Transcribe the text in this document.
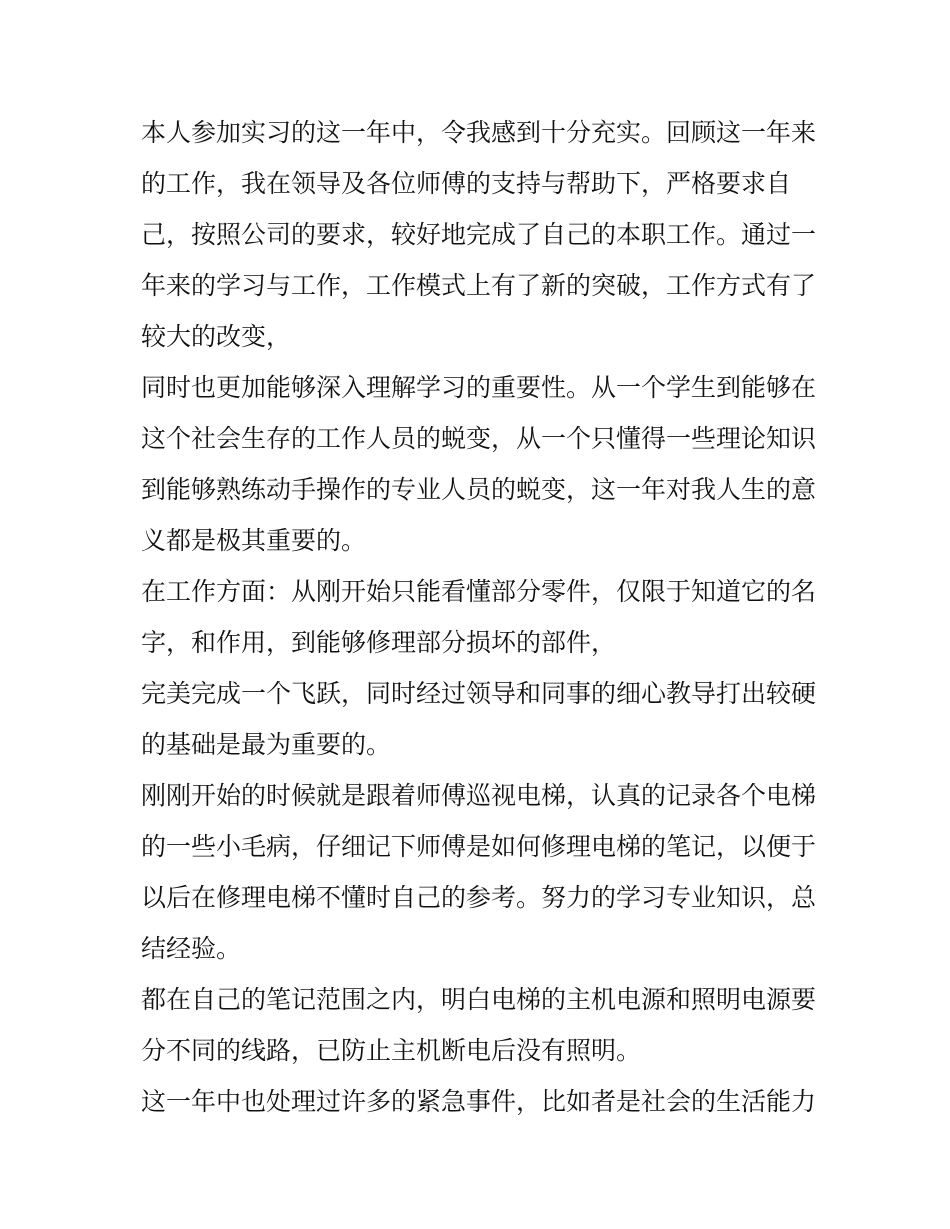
本人参加实习的这一年中，令我感到十分充实。回顾这一年来
的工作，我在领导及各位师傅的支持与帮助下，严格要求自
己，按照公司的要求，较好地完成了自己的本职工作。通过一
年来的学习与工作，工作模式上有了新的突破，工作方式有了
较大的改变，

同时也更加能够深入理解学习的重要性。从一个学生到能够在
这个社会生存的工作人员的蜕变，从一个只懂得一些理论知识
到能够熟练动手操作的专业人员的蜕变，这一年对我人生的意
义都是极其重要的。

在工作方面：从刚开始只能看懂部分零件，仅限于知道它的名
字，和作用，到能够修理部分损坏的部件，

完美完成一个飞跃，同时经过领导和同事的细心教导打出较硬
的基础是最为重要的。

刚刚开始的时候就是跟着师傅巡视电梯，认真的记录各个电梯
的一些小毛病，仔细记下师傅是如何修理电梯的笔记，以便于
以后在修理电梯不懂时自己的参考。努力的学习专业知识，总
结经验。

都在自己的笔记范围之内，明白电梯的主机电源和照明电源要
分不同的线路，已防止主机断电后没有照明。

这一年中也处理过许多的紧急事件，比如者是社会的生活能力
